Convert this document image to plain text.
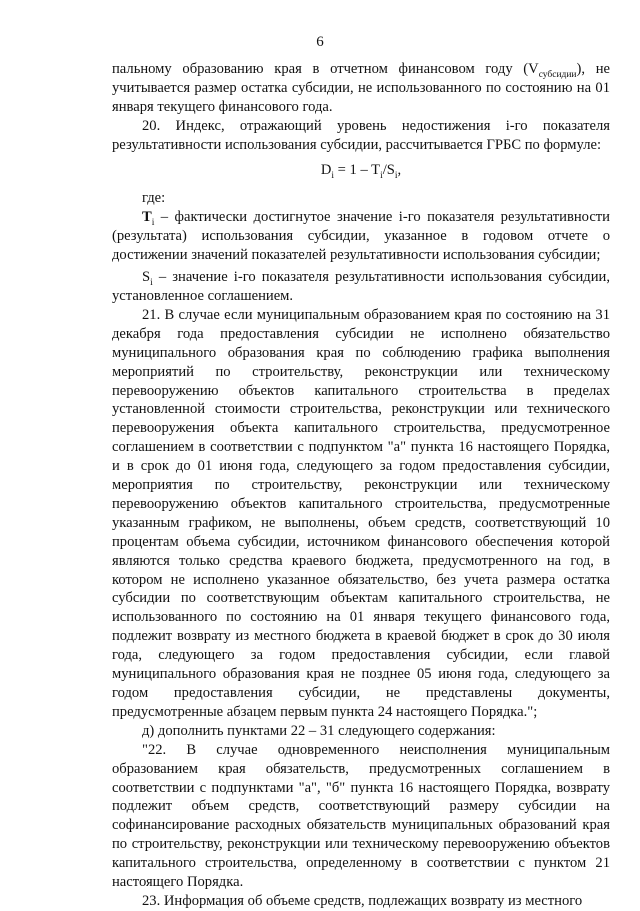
6

пальному образованию края в отчетном финансовом году $(V_{субсидии})$, не учитывается размер остатка субсидии, не использованного по состоянию на 01 января текущего финансового года.

20. Индекс, отражающий уровень недостижения i-го показателя результативности использования субсидии, рассчитывается ГРБС по формуле:

$D_i = 1 - T_i/S_i$,

где:

$T_i$ – фактически достигнутое значение i-го показателя результативности (результата) использования субсидии, указанное в годовом отчете о достижении значений показателей результативности использования субсидии;

$S_i$ – значение i-го показателя результативности использования субсидии, установленное соглашением.

21. В случае если муниципальным образованием края по состоянию на 31 декабря года предоставления субсидии не исполнено обязательство муниципального образования края по соблюдению графика выполнения мероприятий по строительству, реконструкции или техническому перевооружению объектов капитального строительства в пределах установленной стоимости строительства, реконструкции или технического перевооружения объекта капитального строительства, предусмотренное соглашением в соответствии с подпунктом "а" пункта 16 настоящего Порядка, и в срок до 01 июня года, следующего за годом предоставления субсидии, мероприятия по строительству, реконструкции или техническому перевооружению объектов капитального строительства, предусмотренные указанным графиком, не выполнены, объем средств, соответствующий 10 процентам объема субсидии, источником финансового обеспечения которой являются только средства краевого бюджета, предусмотренного на год, в котором не исполнено указанное обязательство, без учета размера остатка субсидии по соответствующим объектам капитального строительства, не использованного по состоянию на 01 января текущего финансового года, подлежит возврату из местного бюджета в краевой бюджет в срок до 30 июля года, следующего за годом предоставления субсидии, если главой муниципального образования края не позднее 05 июня года, следующего за годом предоставления субсидии, не представлены документы, предусмотренные абзацем первым пункта 24 настоящего Порядка.";

д) дополнить пунктами 22 – 31 следующего содержания:

"22. В случае одновременного неисполнения муниципальным образованием края обязательств, предусмотренных соглашением в соответствии с подпунктами "а", "б" пункта 16 настоящего Порядка, возврату подлежит объем средств, соответствующий размеру субсидии на софинансирование расходных обязательств муниципальных образований края по строительству, реконструкции или техническому перевооружению объектов капитального строительства, определенному в соответствии с пунктом 21 настоящего Порядка.

23. Информация об объеме средств, подлежащих возврату из местного
